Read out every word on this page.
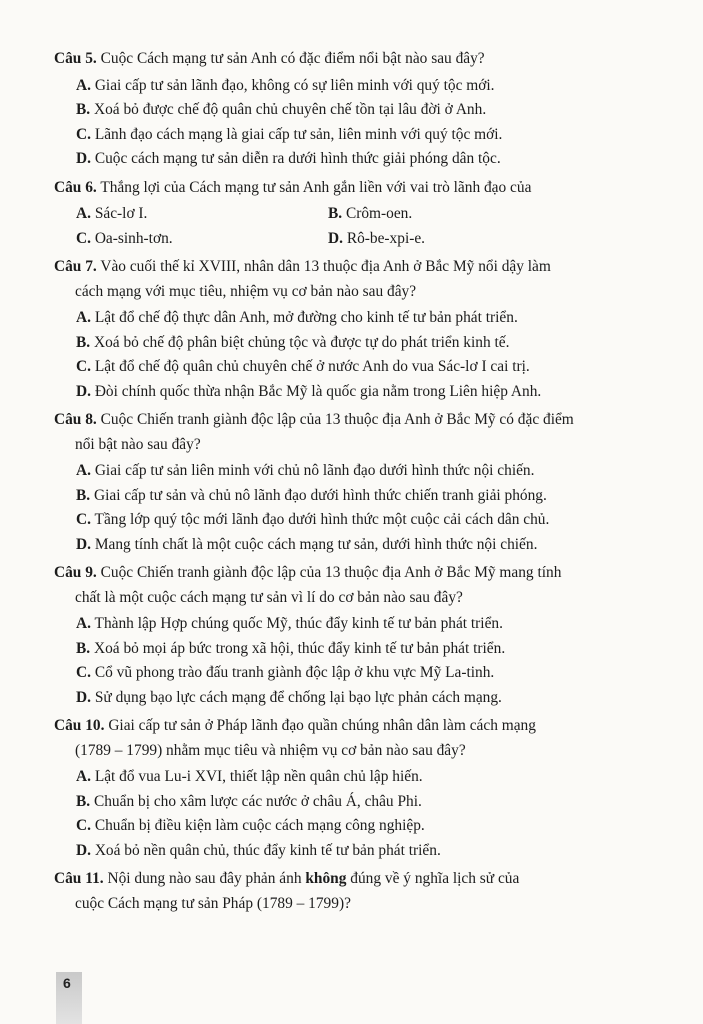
Câu 5. Cuộc Cách mạng tư sản Anh có đặc điểm nổi bật nào sau đây?
A. Giai cấp tư sản lãnh đạo, không có sự liên minh với quý tộc mới.
B. Xoá bỏ được chế độ quân chủ chuyên chế tồn tại lâu đời ở Anh.
C. Lãnh đạo cách mạng là giai cấp tư sản, liên minh với quý tộc mới.
D. Cuộc cách mạng tư sản diễn ra dưới hình thức giải phóng dân tộc.
Câu 6. Thắng lợi của Cách mạng tư sản Anh gắn liền với vai trò lãnh đạo của
A. Sác-lơ I.	B. Crôm-oen.
C. Oa-sinh-tơn.	D. Rô-be-xpi-e.
Câu 7. Vào cuối thế kỉ XVIII, nhân dân 13 thuộc địa Anh ở Bắc Mỹ nổi dậy làm
cách mạng với mục tiêu, nhiệm vụ cơ bản nào sau đây?
A. Lật đổ chế độ thực dân Anh, mở đường cho kinh tế tư bản phát triển.
B. Xoá bỏ chế độ phân biệt chủng tộc và được tự do phát triển kinh tế.
C. Lật đổ chế độ quân chủ chuyên chế ở nước Anh do vua Sác-lơ I cai trị.
D. Đòi chính quốc thừa nhận Bắc Mỹ là quốc gia nằm trong Liên hiệp Anh.
Câu 8. Cuộc Chiến tranh giành độc lập của 13 thuộc địa Anh ở Bắc Mỹ có đặc điểm
nổi bật nào sau đây?
A. Giai cấp tư sản liên minh với chủ nô lãnh đạo dưới hình thức nội chiến.
B. Giai cấp tư sản và chủ nô lãnh đạo dưới hình thức chiến tranh giải phóng.
C. Tầng lớp quý tộc mới lãnh đạo dưới hình thức một cuộc cải cách dân chủ.
D. Mang tính chất là một cuộc cách mạng tư sản, dưới hình thức nội chiến.
Câu 9. Cuộc Chiến tranh giành độc lập của 13 thuộc địa Anh ở Bắc Mỹ mang tính
chất là một cuộc cách mạng tư sản vì lí do cơ bản nào sau đây?
A. Thành lập Hợp chúng quốc Mỹ, thúc đẩy kinh tế tư bản phát triển.
B. Xoá bỏ mọi áp bức trong xã hội, thúc đẩy kinh tế tư bản phát triển.
C. Cổ vũ phong trào đấu tranh giành độc lập ở khu vực Mỹ La-tinh.
D. Sử dụng bạo lực cách mạng để chống lại bạo lực phản cách mạng.
Câu 10. Giai cấp tư sản ở Pháp lãnh đạo quần chúng nhân dân làm cách mạng
(1789 – 1799) nhằm mục tiêu và nhiệm vụ cơ bản nào sau đây?
A. Lật đổ vua Lu-i XVI, thiết lập nền quân chủ lập hiến.
B. Chuẩn bị cho xâm lược các nước ở châu Á, châu Phi.
C. Chuẩn bị điều kiện làm cuộc cách mạng công nghiệp.
D. Xoá bỏ nền quân chủ, thúc đẩy kinh tế tư bản phát triển.
Câu 11. Nội dung nào sau đây phản ánh không đúng về ý nghĩa lịch sử của
cuộc Cách mạng tư sản Pháp (1789 – 1799)?
6
